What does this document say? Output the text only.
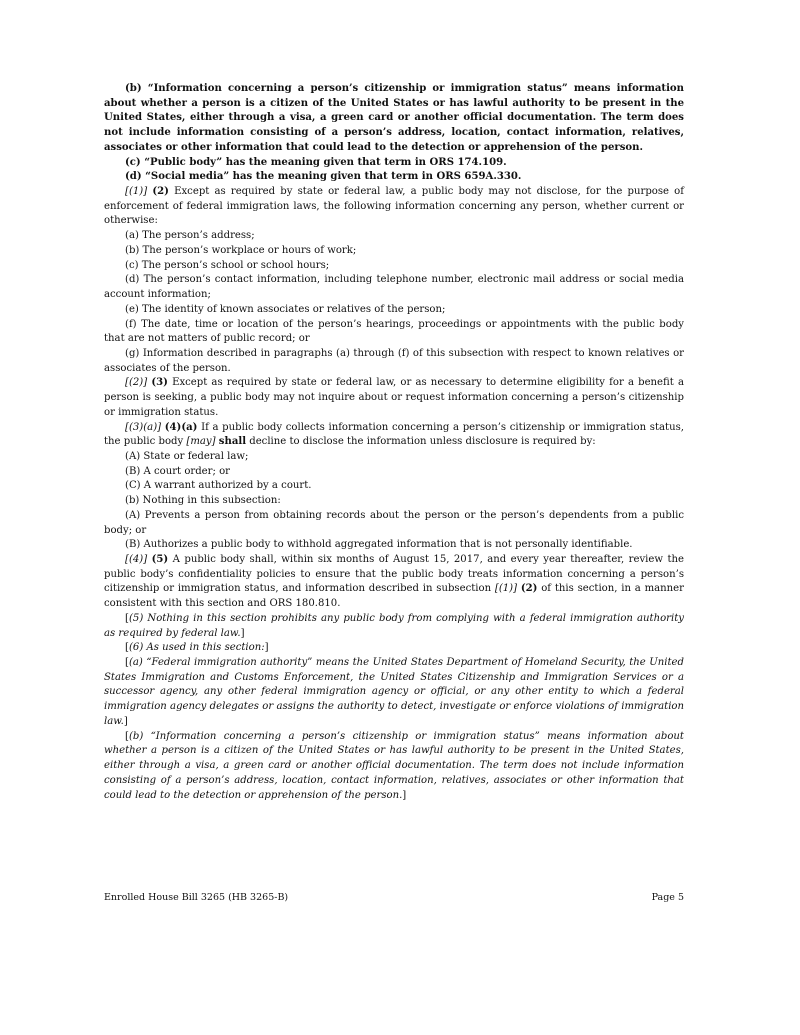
(b) “Information concerning a person’s citizenship or immigration status” means information about whether a person is a citizen of the United States or has lawful authority to be present in the United States, either through a visa, a green card or another official documentation. The term does not include information consisting of a person’s address, location, contact information, relatives, associates or other information that could lead to the detection or apprehension of the person.

(c) “Public body” has the meaning given that term in ORS 174.109.

(d) “Social media” has the meaning given that term in ORS 659A.330.

[(1)] (2) Except as required by state or federal law, a public body may not disclose, for the purpose of enforcement of federal immigration laws, the following information concerning any person, whether current or otherwise:

(a) The person’s address;

(b) The person’s workplace or hours of work;

(c) The person’s school or school hours;

(d) The person’s contact information, including telephone number, electronic mail address or social media account information;

(e) The identity of known associates or relatives of the person;

(f) The date, time or location of the person’s hearings, proceedings or appointments with the public body that are not matters of public record; or

(g) Information described in paragraphs (a) through (f) of this subsection with respect to known relatives or associates of the person.

[(2)] (3) Except as required by state or federal law, or as necessary to determine eligibility for a benefit a person is seeking, a public body may not inquire about or request information concerning a person’s citizenship or immigration status.

[(3)(a)] (4)(a) If a public body collects information concerning a person’s citizenship or immigration status, the public body [may] shall decline to disclose the information unless disclosure is required by:

(A) State or federal law;

(B) A court order; or

(C) A warrant authorized by a court.

(b) Nothing in this subsection:

(A) Prevents a person from obtaining records about the person or the person’s dependents from a public body; or

(B) Authorizes a public body to withhold aggregated information that is not personally identifiable.

[(4)] (5) A public body shall, within six months of August 15, 2017, and every year thereafter, review the public body’s confidentiality policies to ensure that the public body treats information concerning a person’s citizenship or immigration status, and information described in subsection [(1)] (2) of this section, in a manner consistent with this section and ORS 180.810.

[(5) Nothing in this section prohibits any public body from complying with a federal immigration authority as required by federal law.]

[(6) As used in this section:]

[(a) “Federal immigration authority” means the United States Department of Homeland Security, the United States Immigration and Customs Enforcement, the United States Citizenship and Immigration Services or a successor agency, any other federal immigration agency or official, or any other entity to which a federal immigration agency delegates or assigns the authority to detect, investigate or enforce violations of immigration law.]

[(b) “Information concerning a person’s citizenship or immigration status” means information about whether a person is a citizen of the United States or has lawful authority to be present in the United States, either through a visa, a green card or another official documentation. The term does not include information consisting of a person’s address, location, contact information, relatives, associates or other information that could lead to the detection or apprehension of the person.]

Enrolled House Bill 3265 (HB 3265-B)	Page 5
